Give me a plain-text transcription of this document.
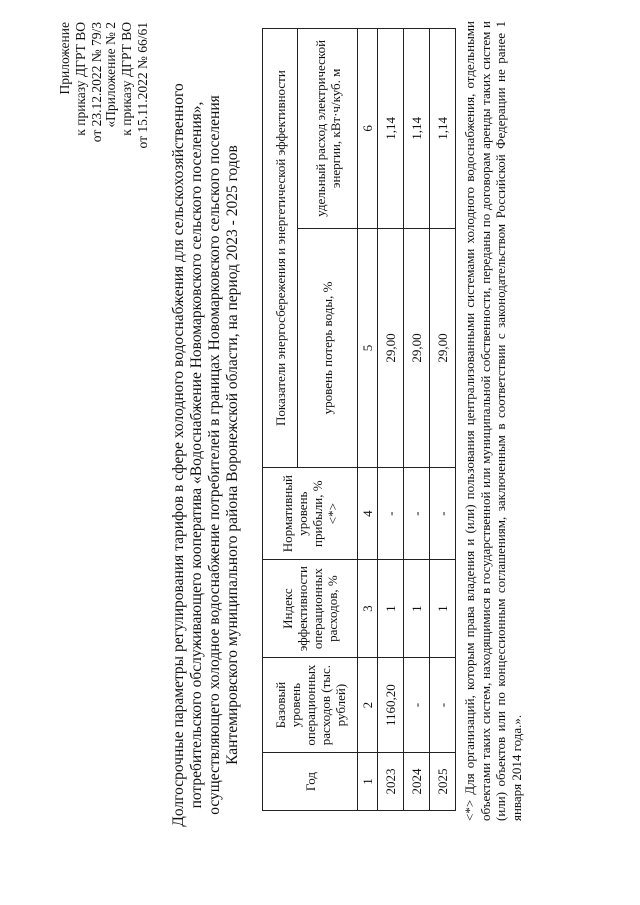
Приложение к приказу ДГРТ ВО от 23.12.2022 № 79/3 «Приложение № 2 к приказу ДГРТ ВО от 15.11.2022 № 66/61 Долгосрочные параметры регулирования тарифов в сфере холодного водоснабжения для сельскохозяйственного потребительского обслуживающего кооператива «Водоснабжение Новомарковского сельского поселения», осуществляющего холодное водоснабжение потребителей в границах Новомарковского сельского поселения Кантемировского муниципального района Воронежской области, на период 2023 - 2025 годов
Год	Базовый уровень операционных расходов (тыс. рублей)	Индекс эффективности операционных расходов, %	Нормативный уровень прибыли, % <*>	Показатели энергосбережения и энергетической эффективности	
				уровень потерь воды, %	удельный расход электрической энергии, кВт·ч/куб. м
1	2	3	4	5	6
2023	1160,20	1	-	29,00	1,14
2024	-	1	-	29,00	1,14
2025	-	1	-	29,00	1,14 <*> Для организаций, которым права владения и (или) пользования централизованными системами холодного водоснабжения, отдельными объектами таких систем, находящимися в государственной или муниципальной собственности, переданы по договорам аренды таких систем и (или) объектов или по концессионным соглашениям, заключенным в соответствии с законодательством Российской Федерации не ранее 1 января 2014 года.».
